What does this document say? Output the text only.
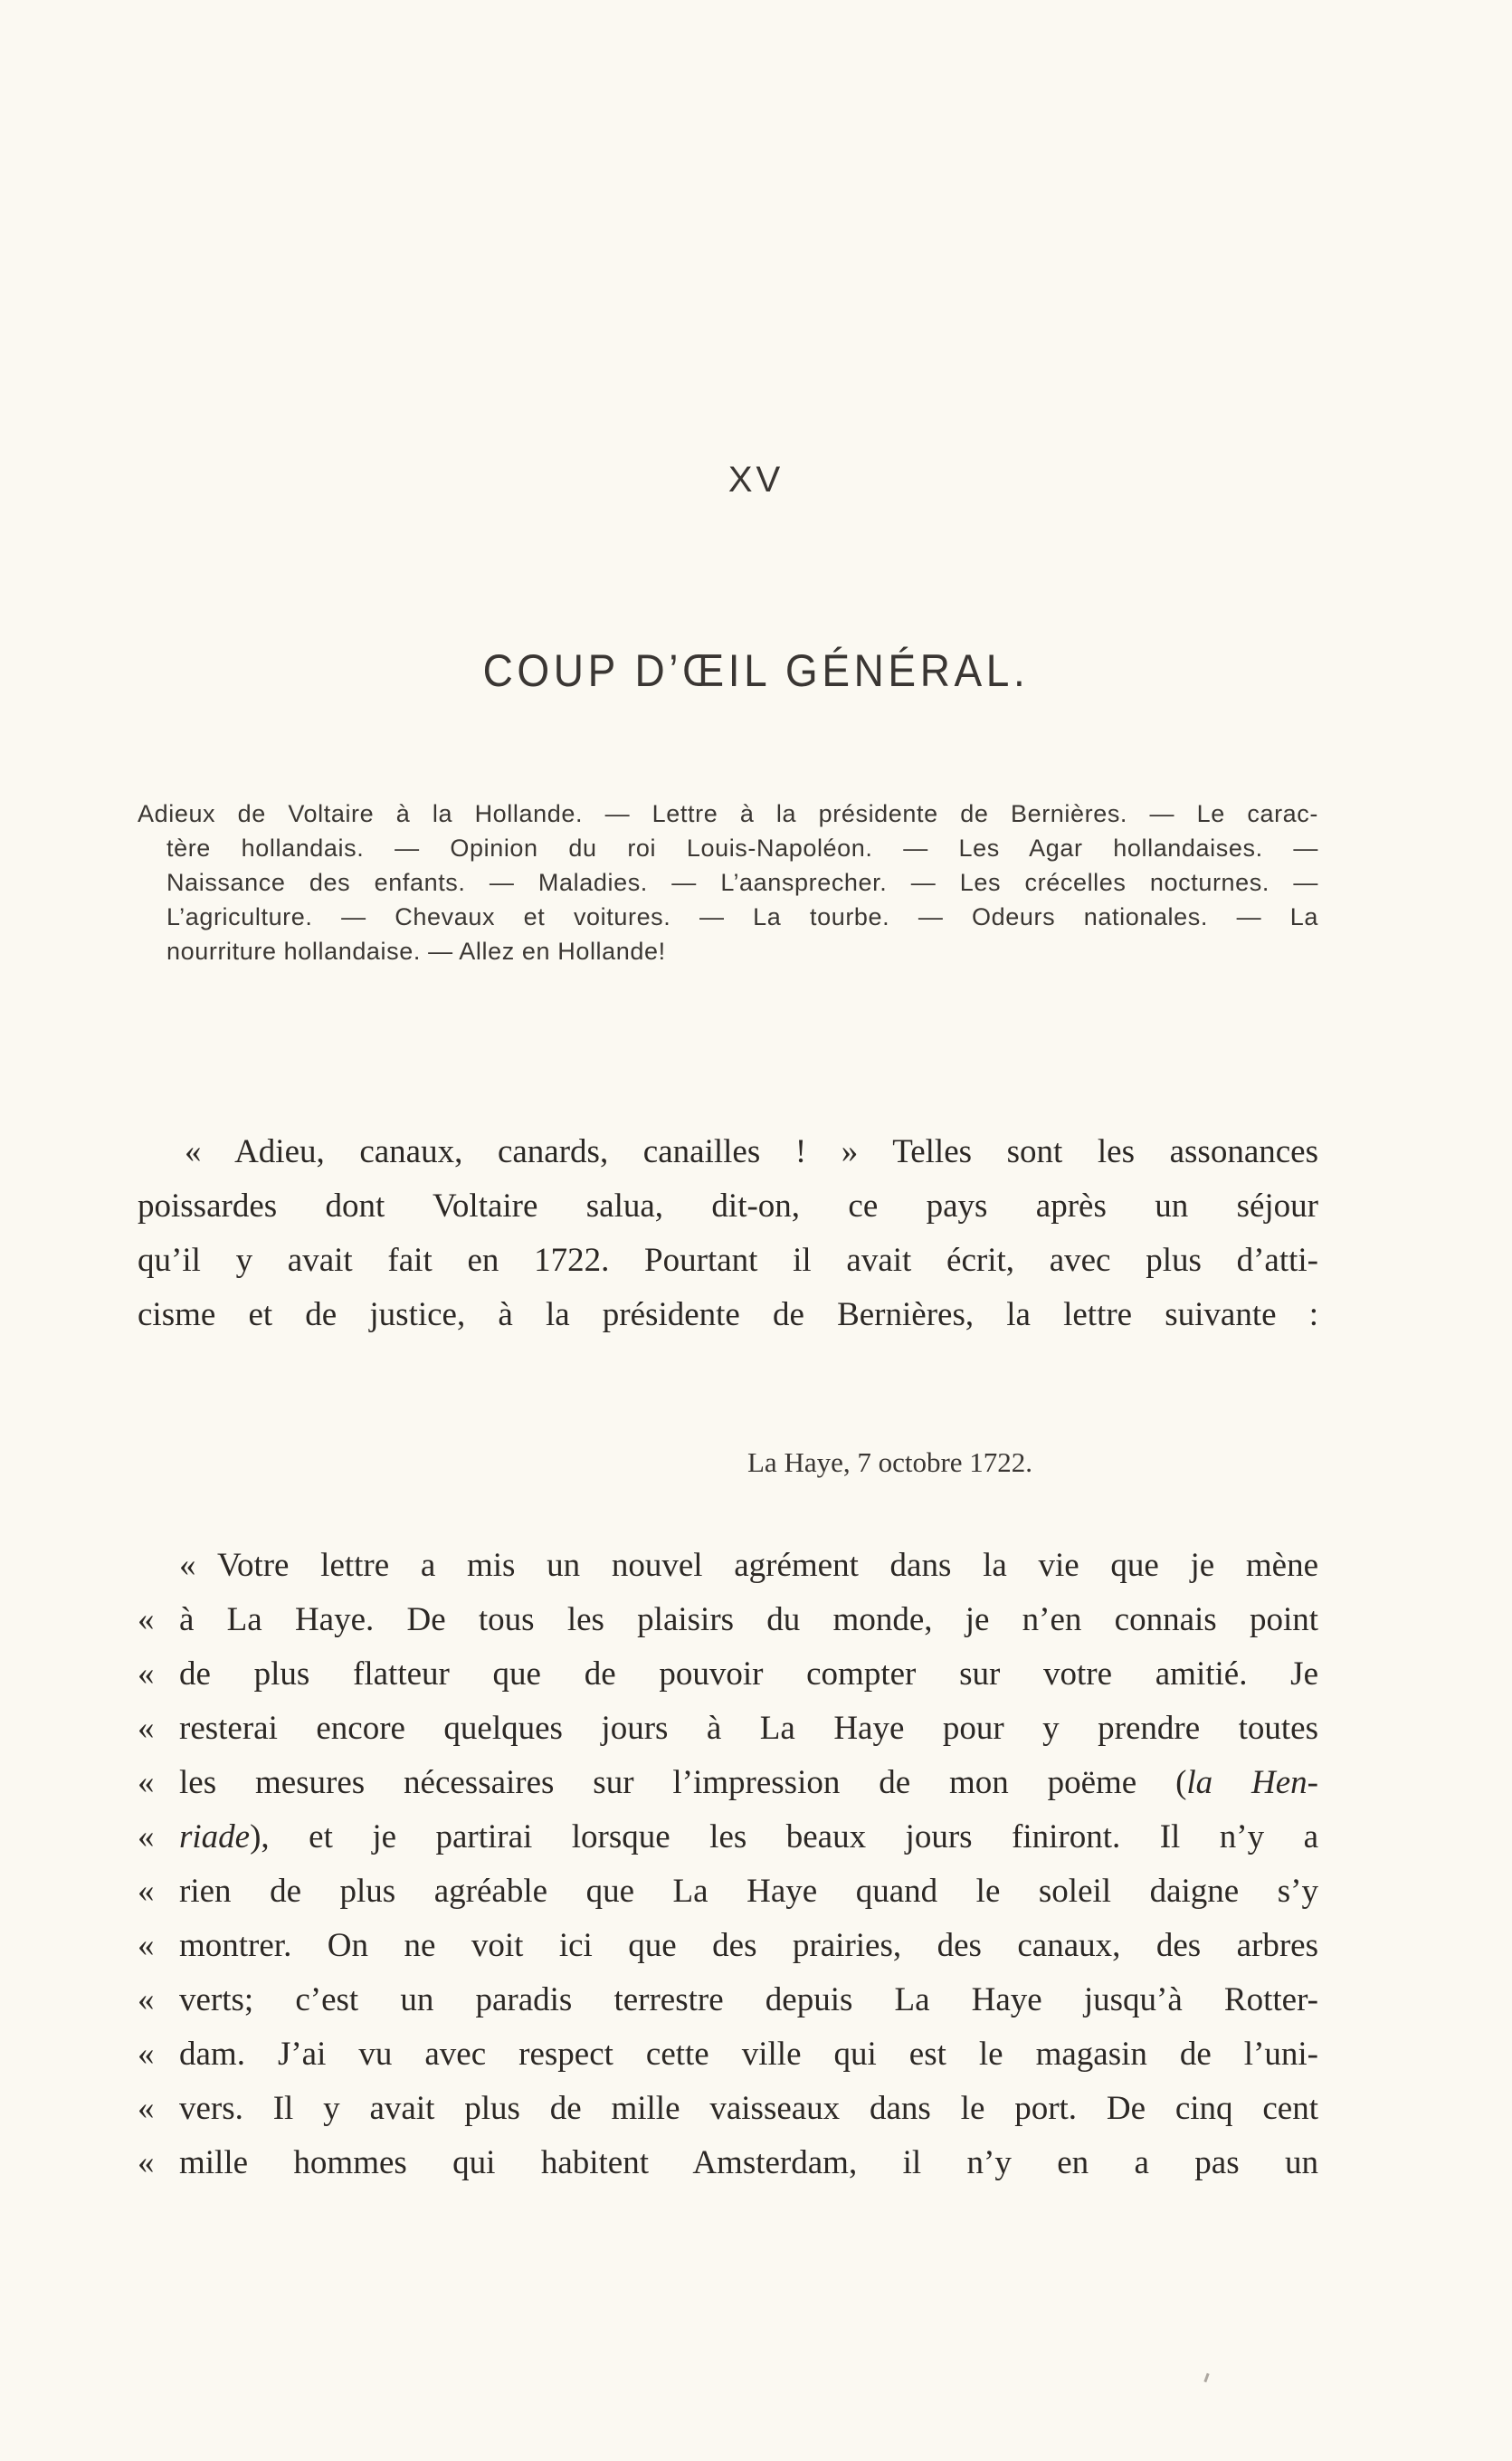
XV
COUP D’ŒIL GÉNÉRAL.
Adieux de Voltaire à la Hollande. — Lettre à la présidente de Bernières. — Le carac-
tère hollandais. — Opinion du roi Louis-Napoléon. — Les Agar hollandaises. —
Naissance des enfants. — Maladies. — L’aansprecher. — Les crécelles nocturnes. —
L’agriculture. — Chevaux et voitures. — La tourbe. — Odeurs nationales. — La
nourriture hollandaise. — Allez en Hollande!
« Adieu, canaux, canards, canailles ! » Telles sont les assonances
poissardes dont Voltaire salua, dit-on, ce pays après un séjour
qu’il y avait fait en 1722. Pourtant il avait écrit, avec plus d’atti-
cisme et de justice, à la présidente de Bernières, la lettre suivante :
La Haye, 7 octobre 1722.
« Votre lettre a mis un nouvel agrément dans la vie que je mène
« à La Haye. De tous les plaisirs du monde, je n’en connais point
« de plus flatteur que de pouvoir compter sur votre amitié. Je
« resterai encore quelques jours à La Haye pour y prendre toutes
« les mesures nécessaires sur l’impression de mon poëme (la Hen-
« riade), et je partirai lorsque les beaux jours finiront. Il n’y a
« rien de plus agréable que La Haye quand le soleil daigne s’y
« montrer. On ne voit ici que des prairies, des canaux, des arbres
« verts; c’est un paradis terrestre depuis La Haye jusqu’à Rotter-
« dam. J’ai vu avec respect cette ville qui est le magasin de l’uni-
« vers. Il y avait plus de mille vaisseaux dans le port. De cinq cent
« mille hommes qui habitent Amsterdam, il n’y en a pas un
